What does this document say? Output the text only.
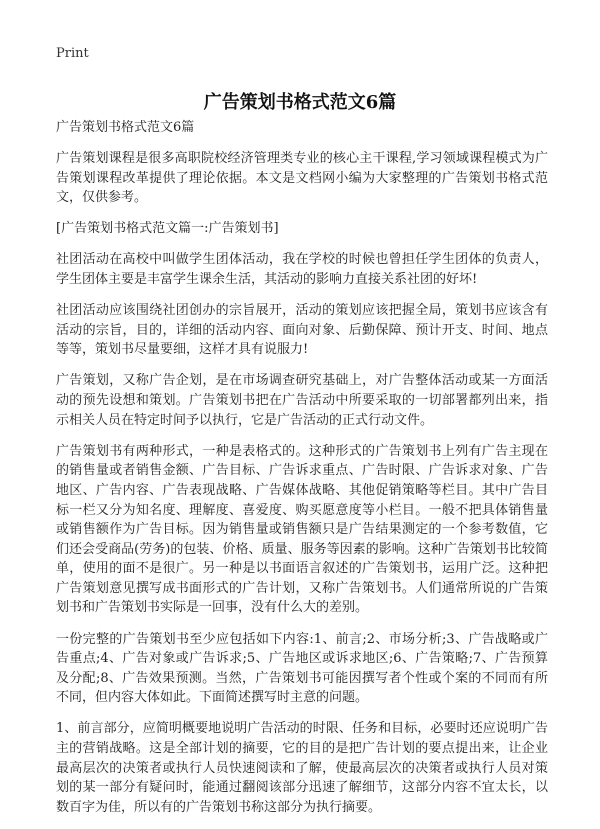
Print
广告策划书格式范文6篇

广告策划书格式范文6篇

广告策划课程是很多高职院校经济管理类专业的核心主干课程,学习领域课程模式为广告策划课程改革提供了理论依据。本文是文档网小编为大家整理的广告策划书格式范文，仅供参考。

[广告策划书格式范文篇一:广告策划书]

社团活动在高校中叫做学生团体活动，我在学校的时候也曾担任学生团体的负责人，学生团体主要是丰富学生课余生活，其活动的影响力直接关系社团的好坏!

社团活动应该围绕社团创办的宗旨展开，活动的策划应该把握全局，策划书应该含有活动的宗旨，目的，详细的活动内容、面向对象、后勤保障、预计开支、时间、地点等等，策划书尽量要细，这样才具有说服力!

广告策划，又称广告企划，是在市场调查研究基础上，对广告整体活动或某一方面活动的预先设想和策划。广告策划书把在广告活动中所要采取的一切部署都列出来，指示相关人员在特定时间予以执行，它是广告活动的正式行动文件。

广告策划书有两种形式，一种是表格式的。这种形式的广告策划书上列有广告主现在的销售量或者销售金额、广告目标、广告诉求重点、广告时限、广告诉求对象、广告地区、广告内容、广告表现战略、广告媒体战略、其他促销策略等栏目。其中广告目标一栏又分为知名度、理解度、喜爱度、购买愿意度等小栏目。一般不把具体销售量或销售额作为广告目标。因为销售量或销售额只是广告结果测定的一个参考数值，它们还会受商品(劳务)的包装、价格、质量、服务等因素的影响。这种广告策划书比较简单，使用的面不是很广。另一种是以书面语言叙述的广告策划书，运用广泛。这种把广告策划意见撰写成书面形式的广告计划，又称广告策划书。人们通常所说的广告策划书和广告策划书实际是一回事，没有什么大的差别。

一份完整的广告策划书至少应包括如下内容:1、前言;2、市场分析;3、广告战略或广告重点;4、广告对象或广告诉求;5、广告地区或诉求地区;6、广告策略;7、广告预算及分配;8、广告效果预测。当然，广告策划书可能因撰写者个性或个案的不同而有所不同，但内容大体如此。下面简述撰写时主意的问题。

1、前言部分，应简明概要地说明广告活动的时限、任务和目标，必要时还应说明广告主的营销战略。这是全部计划的摘要，它的目的是把广告计划的要点提出来，让企业最高层次的决策者或执行人员快速阅读和了解，使最高层次的决策者或执行人员对策划的某一部分有疑问时，能通过翻阅该部分迅速了解细节，这部分内容不宜太长，以数百字为佳，所以有的广告策划书称这部分为执行摘要。
